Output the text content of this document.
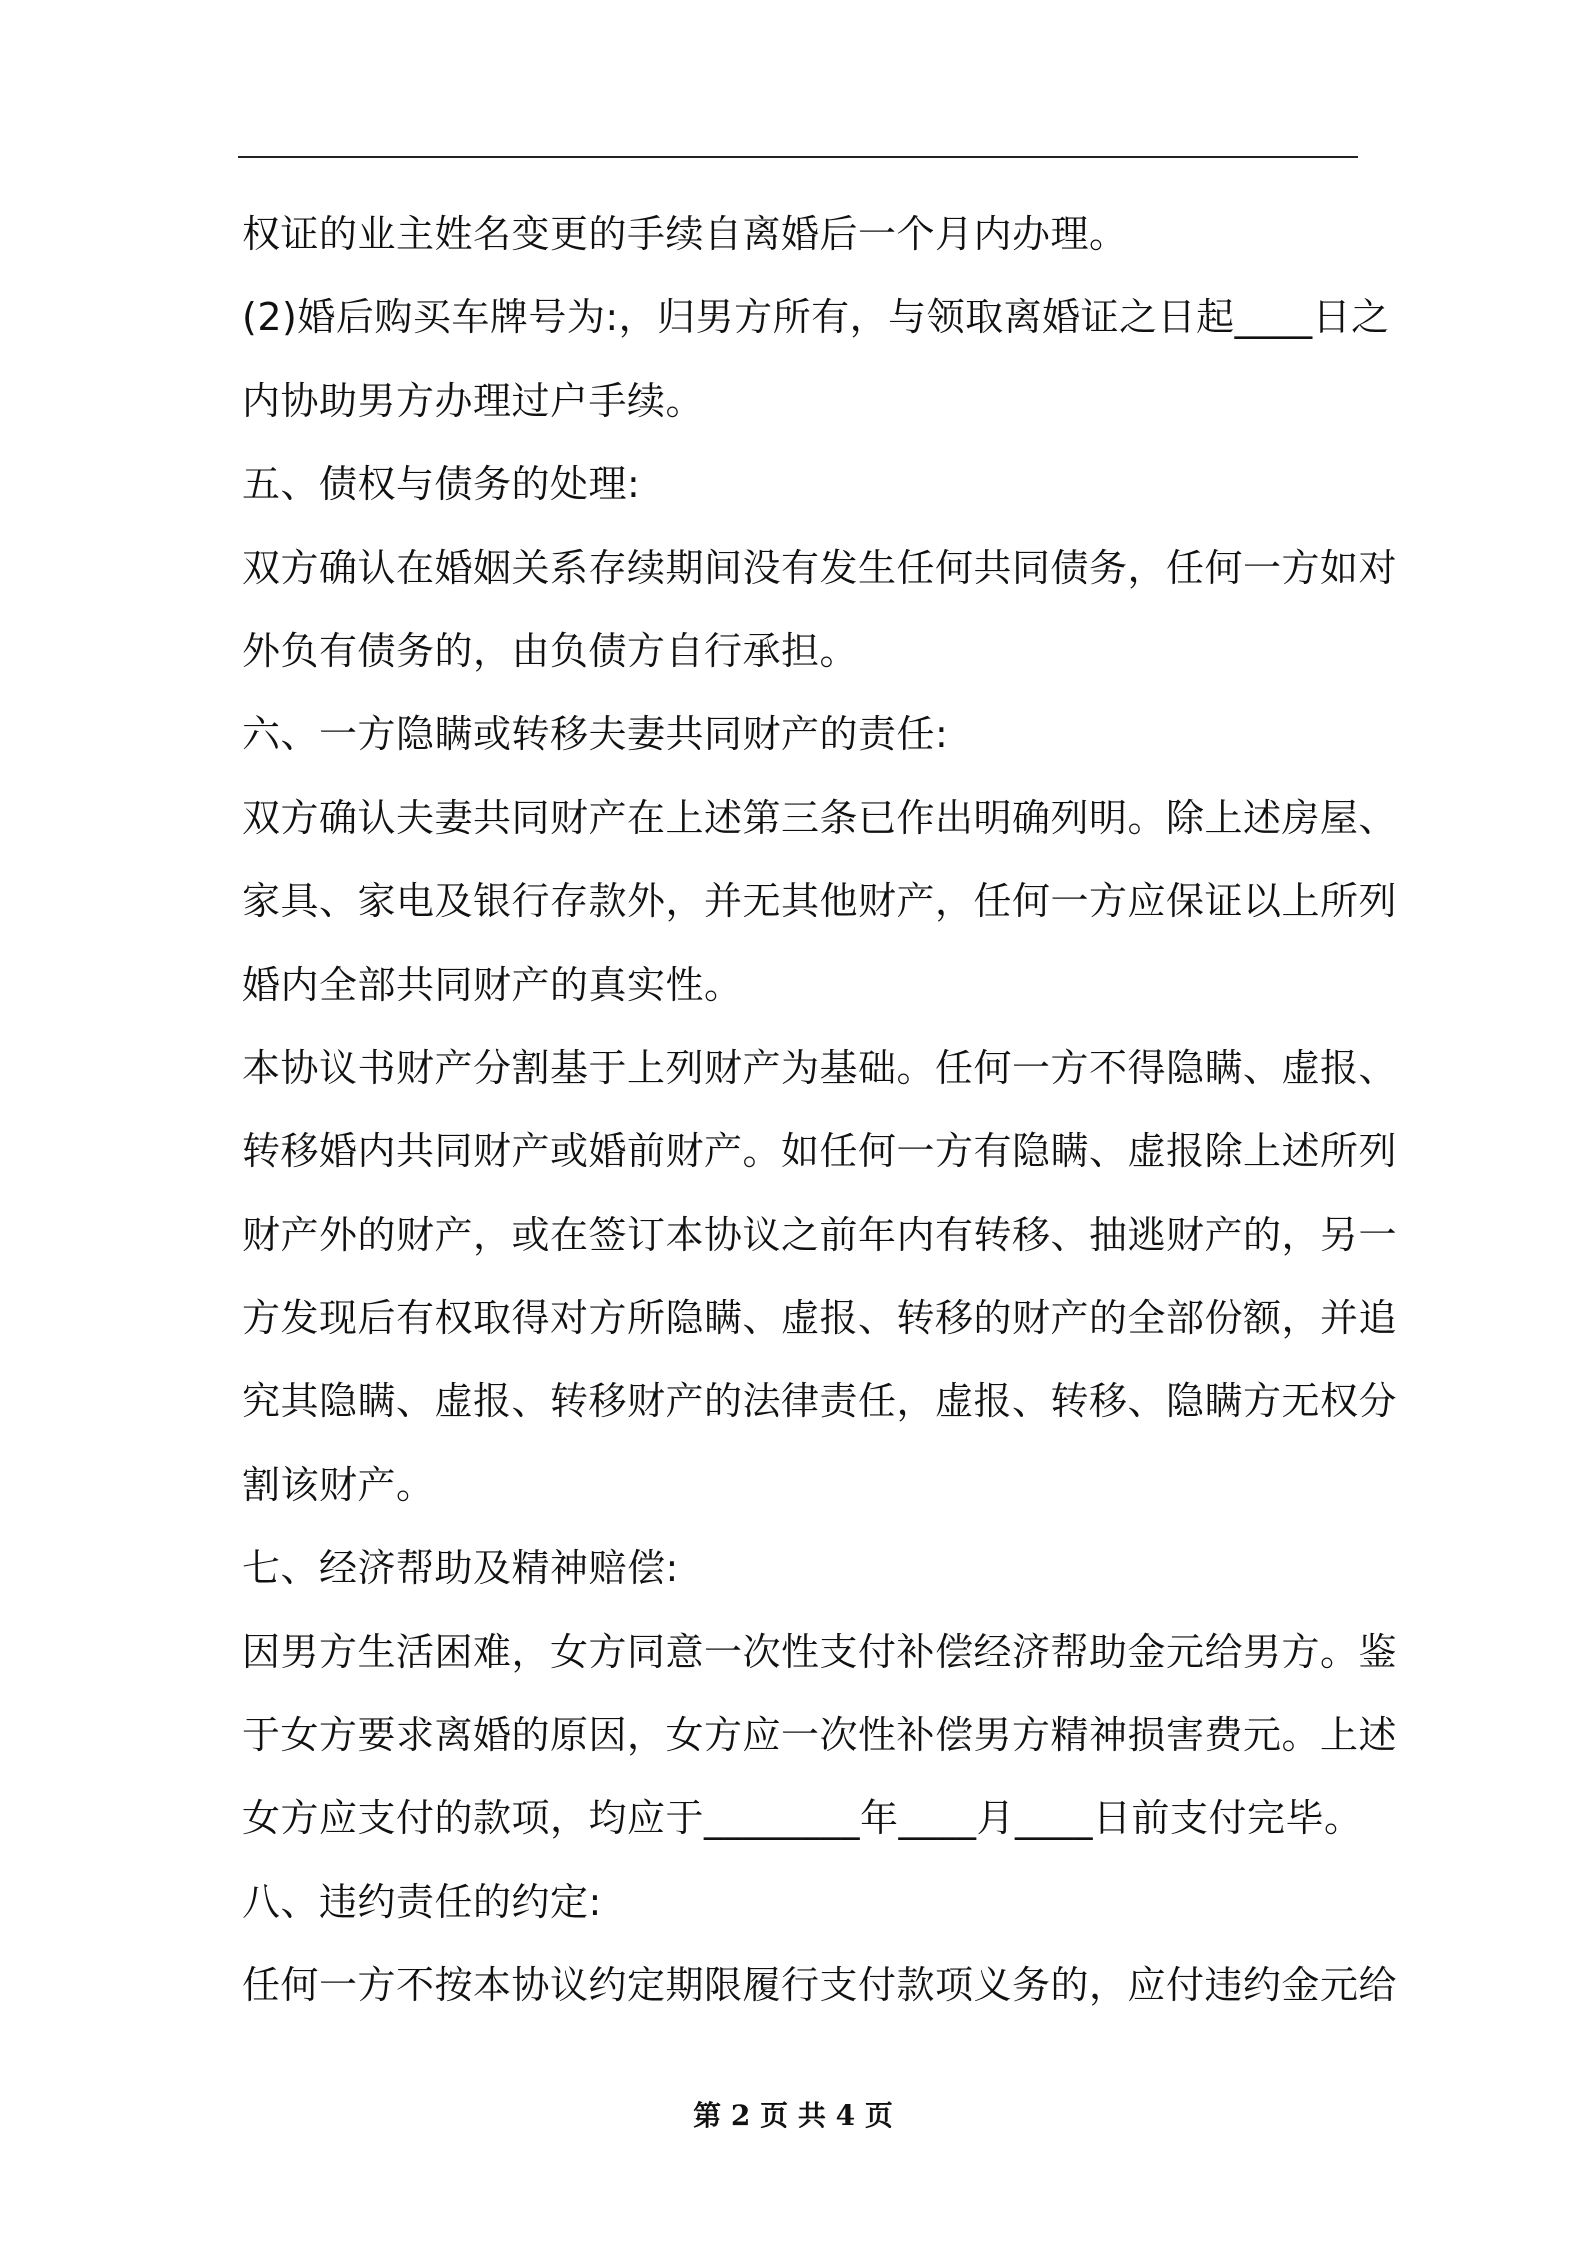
权证的业主姓名变更的手续自离婚后一个月内办理。
(2)婚后购买车牌号为:，归男方所有，与领取离婚证之日起____日之
内协助男方办理过户手续。
五、债权与债务的处理:
双方确认在婚姻关系存续期间没有发生任何共同债务，任何一方如对
外负有债务的，由负债方自行承担。
六、一方隐瞒或转移夫妻共同财产的责任:
双方确认夫妻共同财产在上述第三条已作出明确列明。除上述房屋、
家具、家电及银行存款外，并无其他财产，任何一方应保证以上所列
婚内全部共同财产的真实性。
本协议书财产分割基于上列财产为基础。任何一方不得隐瞒、虚报、
转移婚内共同财产或婚前财产。如任何一方有隐瞒、虚报除上述所列
财产外的财产，或在签订本协议之前年内有转移、抽逃财产的，另一
方发现后有权取得对方所隐瞒、虚报、转移的财产的全部份额，并追
究其隐瞒、虚报、转移财产的法律责任，虚报、转移、隐瞒方无权分
割该财产。
七、经济帮助及精神赔偿:
因男方生活困难，女方同意一次性支付补偿经济帮助金元给男方。鉴
于女方要求离婚的原因，女方应一次性补偿男方精神损害费元。上述
女方应支付的款项，均应于________年____月____日前支付完毕。
八、违约责任的约定:
任何一方不按本协议约定期限履行支付款项义务的，应付违约金元给
第 2 页 共 4 页
